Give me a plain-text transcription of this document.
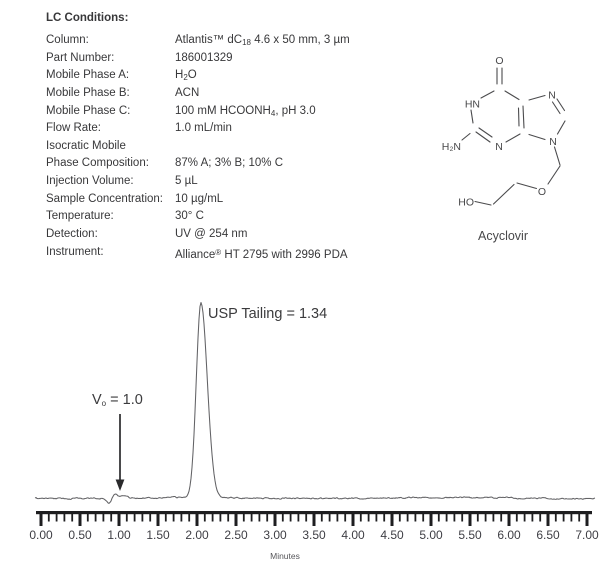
LC Conditions:
Column:	Atlantis™ $dC_{18}$ 4.6 x 50 mm, 3 µm
Part Number:	186001329
Mobile Phase A:	$H_2O$
Mobile Phase B:	ACN
Mobile Phase C:	100 mM $HCOONH_4$, pH 3.0
Flow Rate:	1.0 mL/min
Isocratic Mobile
Phase Composition:	87% A; 3% B; 10% C
Injection Volume:	5 µL
Sample Concentration:	10 µg/mL
Temperature:	30° C
Detection:	UV @ 254 nm
Instrument:	Alliance® HT 2795 with 2996 PDA
O
HN
H₂N	N
N
N
O
HO
Acyclovir
0.00 0.50 1.00 1.50 2.00 2.50 3.00 3.50 4.00 4.50 5.00 5.50 6.00 6.50 7.00
USP Tailing = 1.34
$V_o = 1.0$
Minutes
